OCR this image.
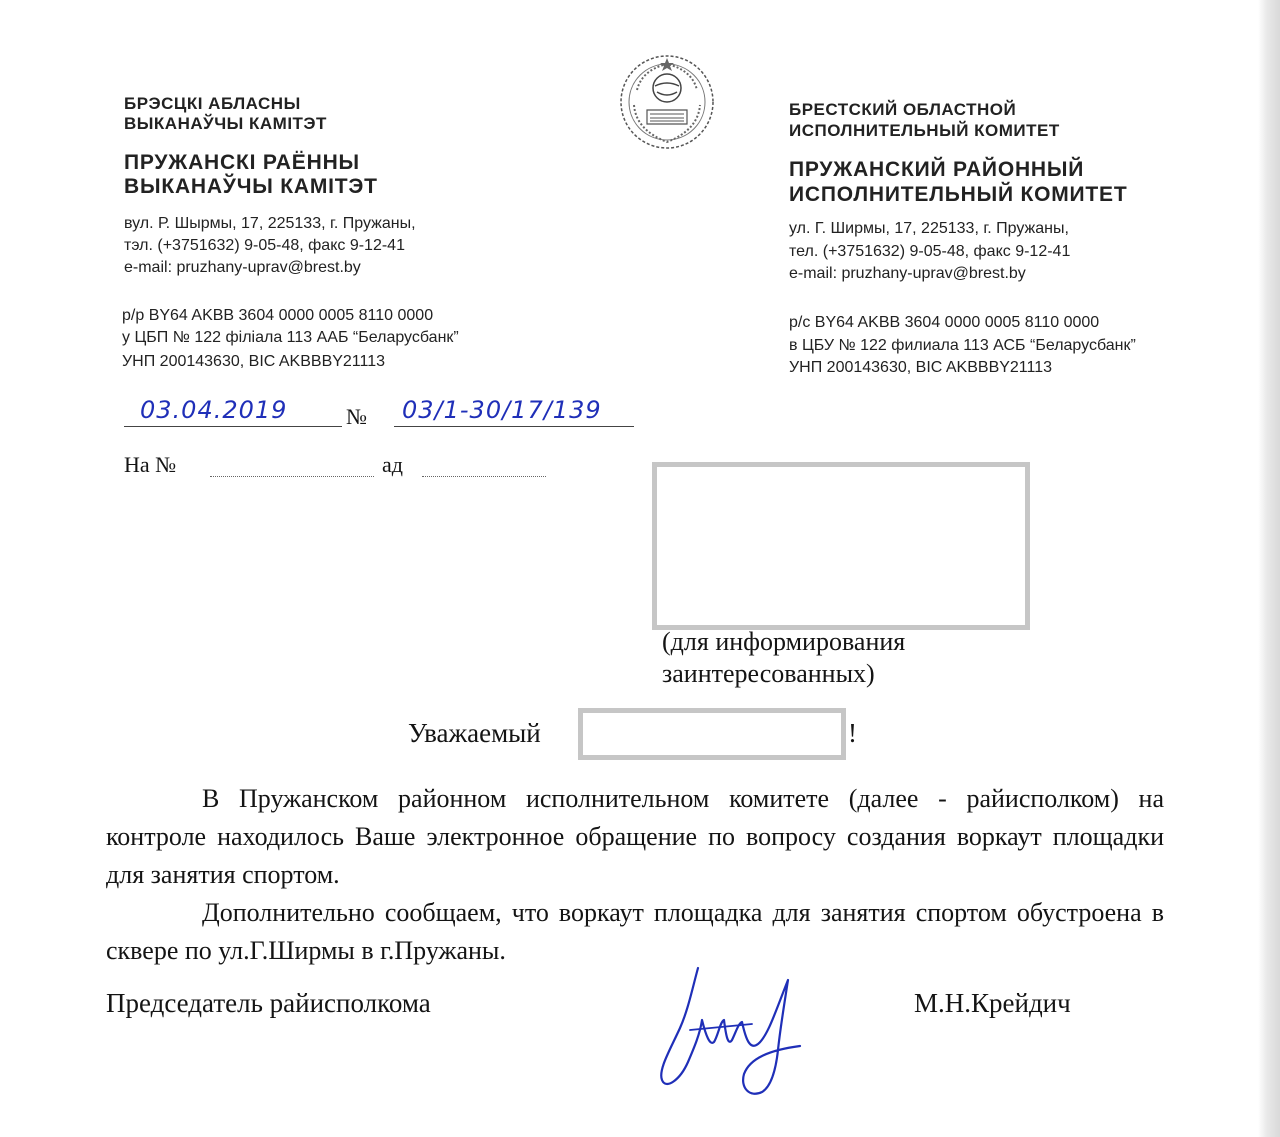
БРЭСЦКІ АБЛАСНЫ
ВЫКАНАЎЧЫ КАМІТЭТ
ПРУЖАНСКІ РАЁННЫ
ВЫКАНАЎЧЫ КАМІТЭТ
вул. Р. Шырмы, 17, 225133, г. Пружаны,
тэл. (+3751632) 9-05-48, факс 9-12-41
e-mail: pruzhany-uprav@brest.by
р/р BY64 AKBB 3604 0000 0005 8110 0000
у ЦБП № 122 філіала 113 ААБ “Беларусбанк”
УНП 200143630, BIC AKBBBY21113
БРЕСТСКИЙ ОБЛАСТНОЙ
ИСПОЛНИТЕЛЬНЫЙ КОМИТЕТ
ПРУЖАНСКИЙ РАЙОННЫЙ
ИСПОЛНИТЕЛЬНЫЙ КОМИТЕТ
ул. Г. Ширмы, 17, 225133, г. Пружаны,
тел. (+3751632) 9-05-48, факс 9-12-41
e-mail: pruzhany-uprav@brest.by
р/с BY64 AKBB 3604 0000 0005 8110 0000
в ЦБУ № 122 филиала 113 АСБ “Беларусбанк”
УНП 200143630, BIC AKBBBY21113
03.04.2019	№ 03/1-30/17/139
На №	ад
(для информирования заинтересованных)
Уважаемый	!
В Пружанском районном исполнительном комитете (далее - райисполком) на контроле находилось Ваше электронное обращение по вопросу создания воркаут площадки для занятия спортом.
Дополнительно сообщаем, что воркаут площадка для занятия спортом обустроена в сквере по ул.Г.Ширмы в г.Пружаны.
Председатель райисполкома	М.Н.Крейдич
